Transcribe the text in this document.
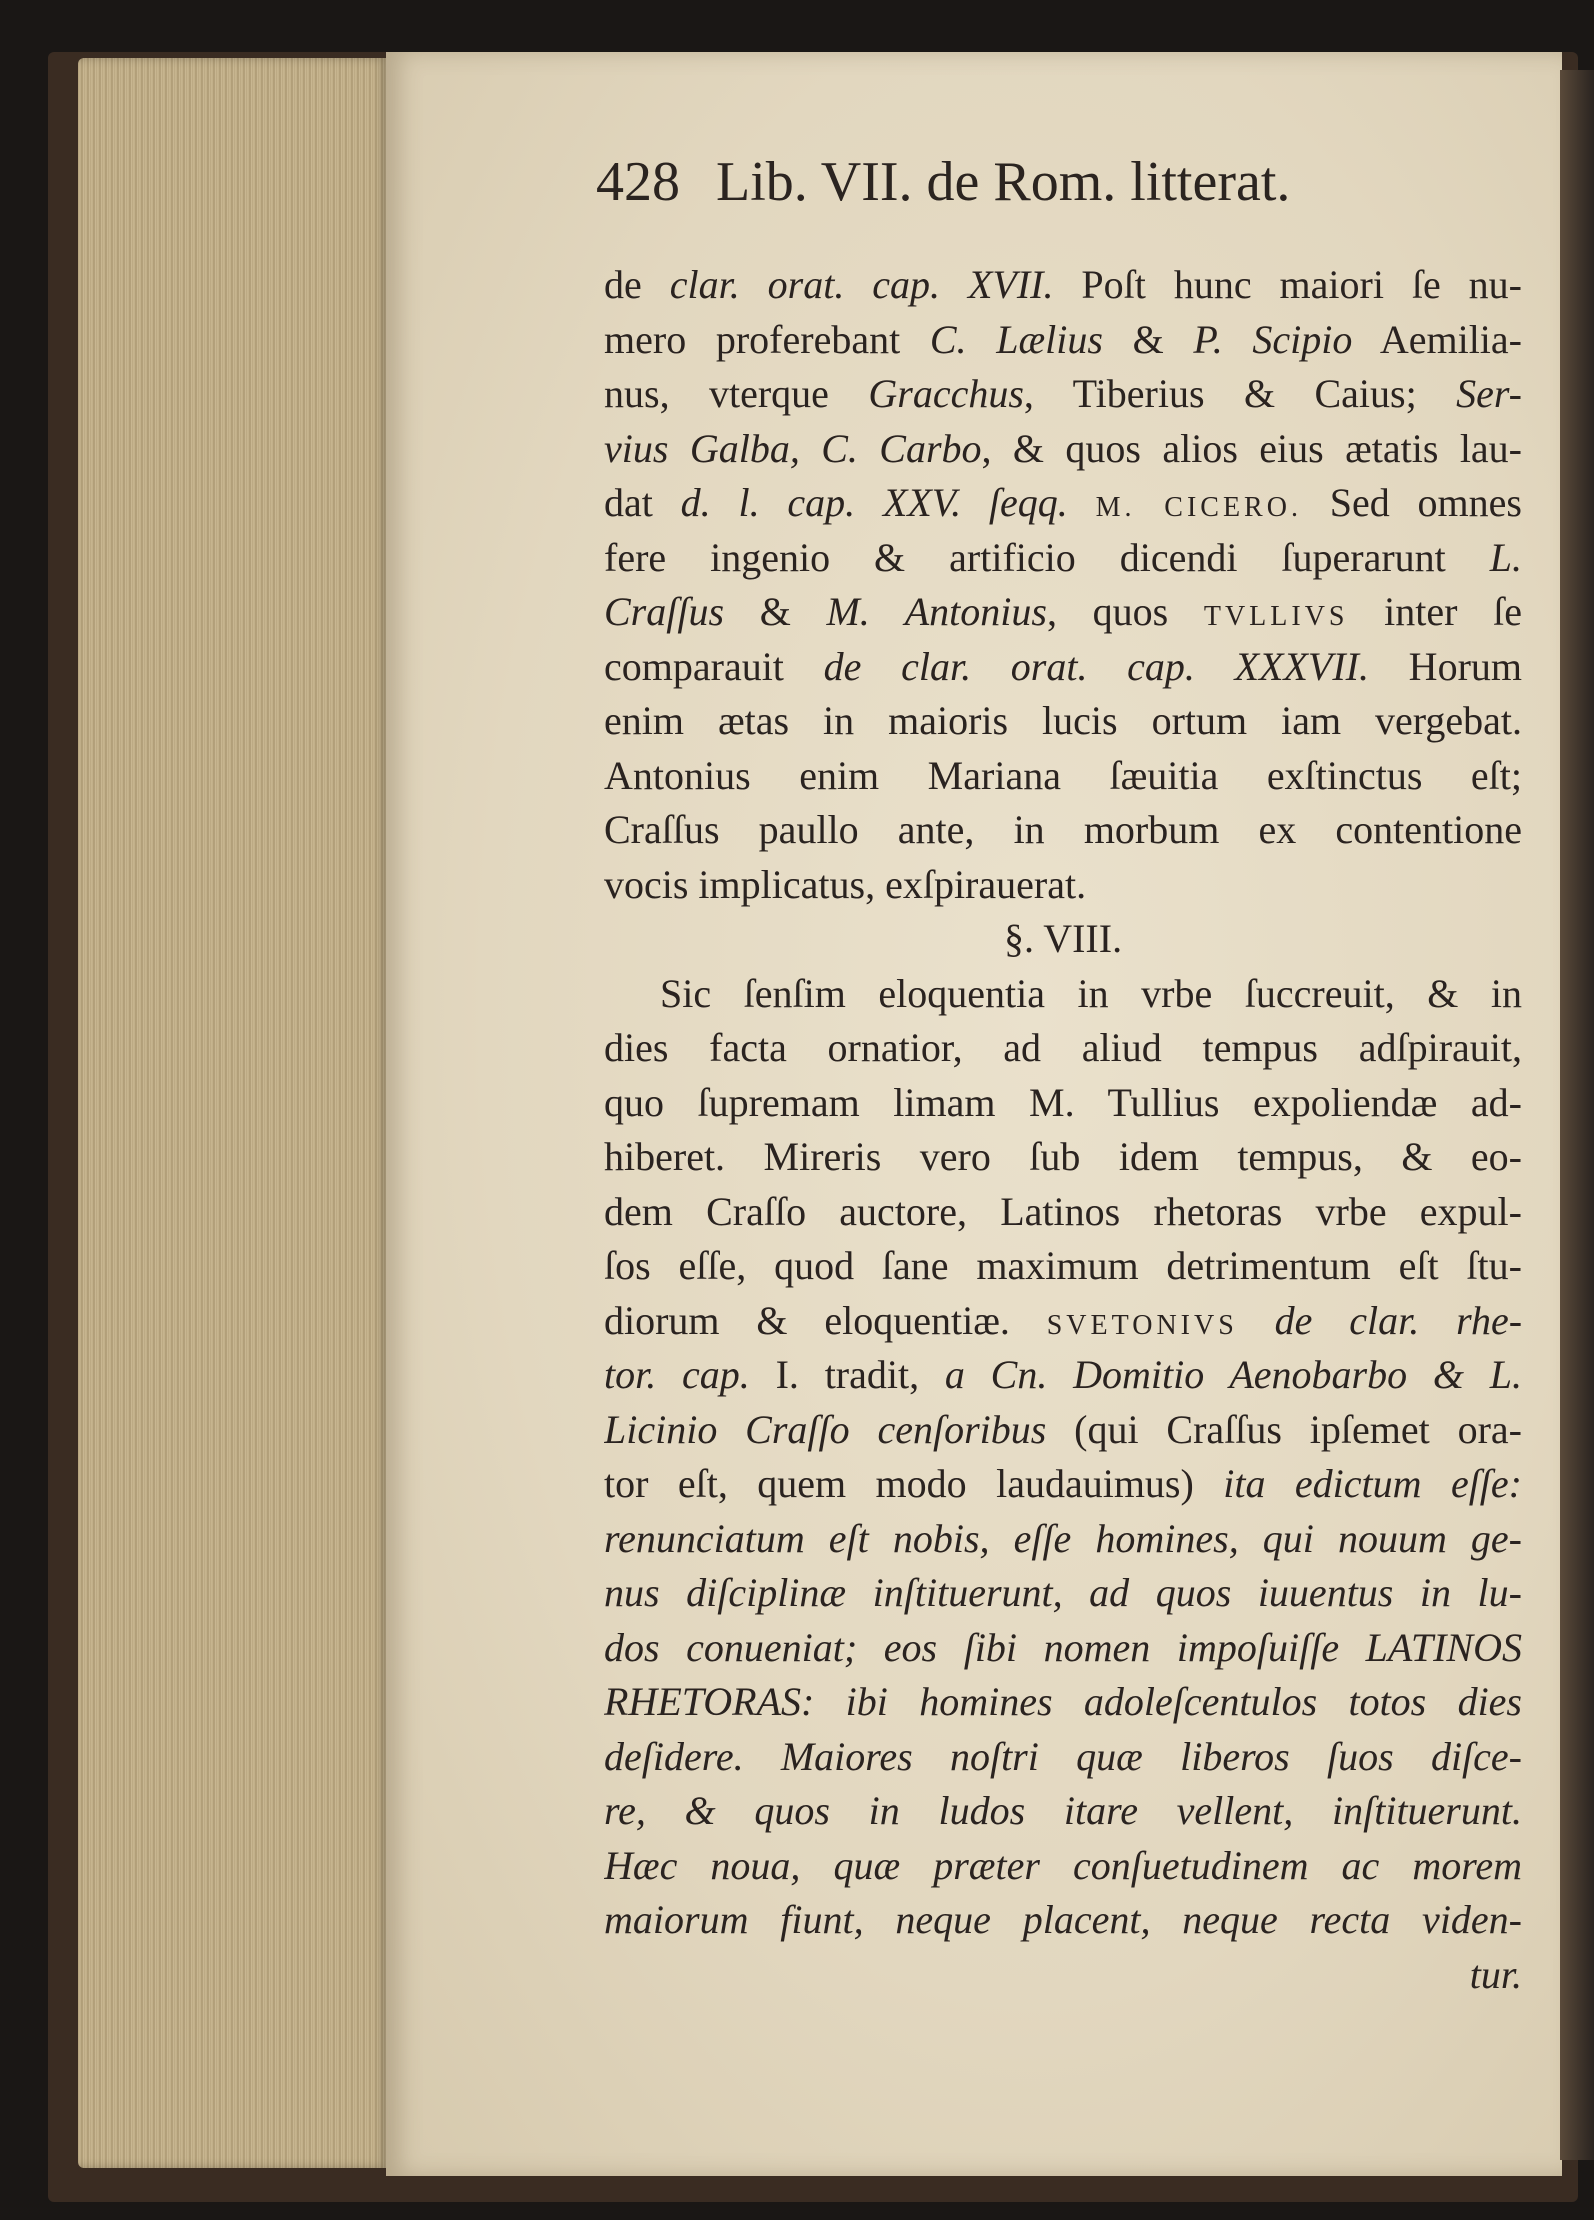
428 Lib. VII. de Rom. litterat.
de clar. orat. cap. XVII. Poſt hunc maiori ſe nu-
mero proferebant C. Lælius & P. Scipio Aemilia-
nus, vterque Gracchus, Tiberius & Caius; Ser-
vius Galba, C. Carbo, & quos alios eius ætatis lau-
dat d. l. cap. XXV. ſeqq. M. CICERO. Sed omnes
fere ingenio & artificio dicendi ſuperarunt L.
Craſſus & M. Antonius, quos TVLLIVS inter ſe
comparauit de clar. orat. cap. XXXVII. Horum
enim ætas in maioris lucis ortum iam vergebat.
Antonius enim Mariana ſæuitia exſtinctus eſt;
Craſſus paullo ante, in morbum ex contentione
vocis implicatus, exſpirauerat.
§. VIII.
Sic ſenſim eloquentia in vrbe ſuccreuit, & in
dies facta ornatior, ad aliud tempus adſpirauit,
quo ſupremam limam M. Tullius expoliendæ ad-
hiberet. Mireris vero ſub idem tempus, & eo-
dem Craſſo auctore, Latinos rhetoras vrbe expul-
ſos eſſe, quod ſane maximum detrimentum eſt ſtu-
diorum & eloquentiæ. SVETONIVS de clar. rhe-
tor. cap. I. tradit, a Cn. Domitio Aenobarbo & L.
Licinio Craſſo cenſoribus (qui Craſſus ipſemet ora-
tor eſt, quem modo laudauimus) ita edictum eſſe:
renunciatum eſt nobis, eſſe homines, qui nouum ge-
nus diſciplinæ inſtituerunt, ad quos iuuentus in lu-
dos conueniat; eos ſibi nomen impoſuiſſe LATINOS
RHETORAS: ibi homines adoleſcentulos totos dies
deſidere. Maiores noſtri quæ liberos ſuos diſce-
re, & quos in ludos itare vellent, inſtituerunt.
Hæc noua, quæ præter conſuetudinem ac morem
maiorum fiunt, neque placent, neque recta viden-
tur.
